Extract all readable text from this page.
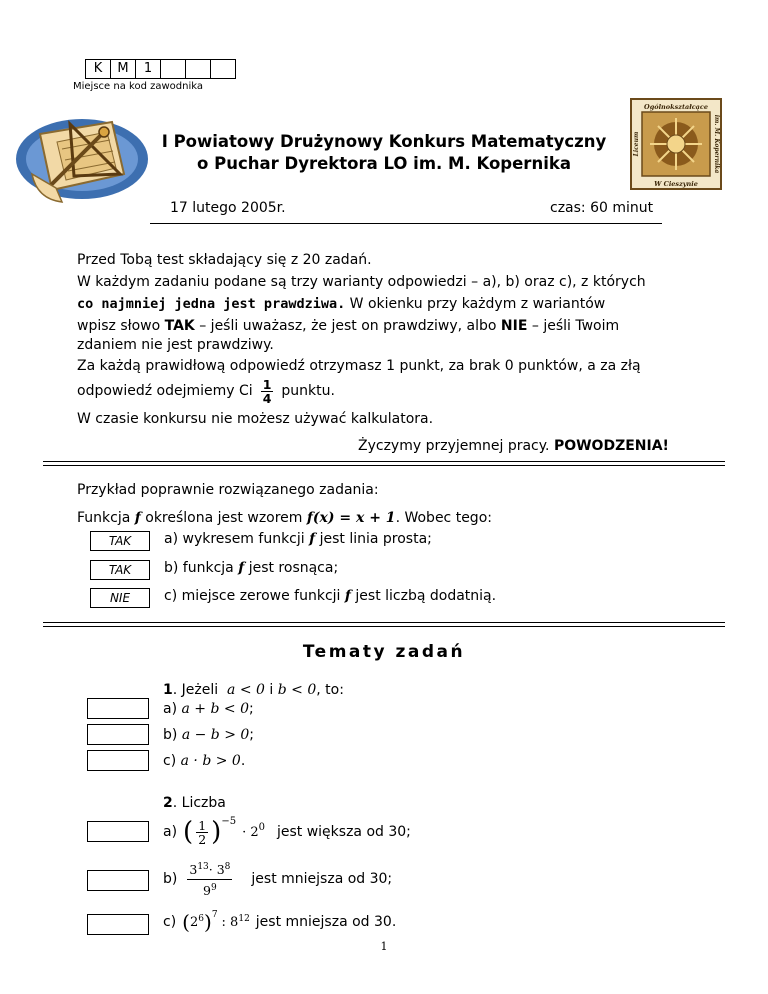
K	M	1
Miejsce na kod zawodnika
I Powiatowy Drużynowy Konkurs Matematyczny
o Puchar Dyrektora LO im. M. Kopernika
Ogólnokształcące
W Cieszynie
Liceum	im. M. Kopernika
17 lutego 2005r.	czas: 60 minut
Przed Tobą test składający się z 20 zadań.
W każdym zadaniu podane są trzy warianty odpowiedzi – a), b) oraz c), z których
co najmniej jedna jest prawdziwa. W okienku przy każdym z wariantów
wpisz słowo TAK – jeśli uważasz, że jest on prawdziwy, albo NIE – jeśli Twoim
zdaniem nie jest prawdziwy.
Za każdą prawidłową odpowiedź otrzymasz 1 punkt, za brak 0 punktów, a za złą
odpowiedź odejmiemy Ci $\frac{1}{4}$ punktu.
W czasie konkursu nie możesz używać kalkulatora.
Życzymy przyjemnej pracy. POWODZENIA!
Przykład poprawnie rozwiązanego zadania:
Funkcja f określona jest wzorem f(x) = x + 1. Wobec tego:
TAK	a) wykresem funkcji f jest linia prosta;
TAK	b) funkcja f jest rosnąca;
NIE	c) miejsce zerowe funkcji f jest liczbą dodatnią.
Tematy zadań
1. Jeżeli a < 0 i b < 0, to:
a) a + b < 0;
b) a − b > 0;
c) a · b > 0.
2. Liczba
a) ( $\frac{1}{2} )^{-5}$
· $2^0$ jest większa od 30;
$b) \frac{3^{13}\cdot 3^8}{9^9}$ jest mniejsza od 30;
c) ( 2 6 )$^7$ : 8 12 jest mniejsza od 30.
1
